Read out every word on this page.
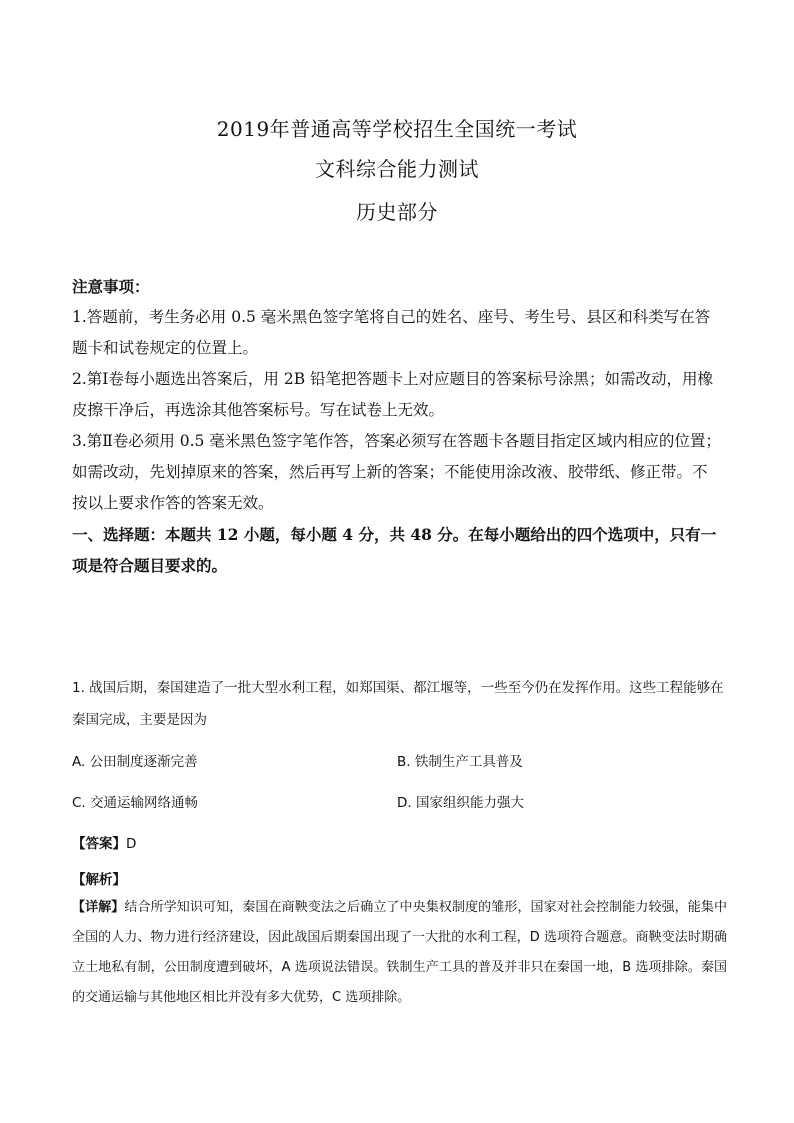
2019年普通高等学校招生全国统一考试
文科综合能力测试
历史部分

注意事项：

1.答题前，考生务必用 0.5 毫米黑色签字笔将自己的姓名、座号、考生号、县区和科类写在答题卡和试卷规定的位置上。

2.第Ⅰ卷每小题选出答案后，用 2B 铅笔把答题卡上对应题目的答案标号涂黑；如需改动，用橡皮擦干净后，再选涂其他答案标号。写在试卷上无效。

3.第Ⅱ卷必须用 0.5 毫米黑色签字笔作答，答案必须写在答题卡各题目指定区域内相应的位置；如需改动，先划掉原来的答案，然后再写上新的答案；不能使用涂改液、胶带纸、修正带。不按以上要求作答的答案无效。

一、选择题：本题共 12 小题，每小题 4 分，共 48 分。在每小题给出的四个选项中，只有一项是符合题目要求的。

1. 战国后期，秦国建造了一批大型水利工程，如郑国渠、都江堰等，一些至今仍在发挥作用。这些工程能够在秦国完成，主要是因为

A. 公田制度逐渐完善	B. 铁制生产工具普及
C. 交通运输网络通畅	D. 国家组织能力强大
【答案】D
【解析】

【详解】结合所学知识可知，秦国在商鞅变法之后确立了中央集权制度的雏形，国家对社会控制能力较强，能集中全国的人力、物力进行经济建设，因此战国后期秦国出现了一大批的水利工程，D 选项符合题意。商鞅变法时期确立土地私有制，公田制度遭到破坏，A 选项说法错误。铁制生产工具的普及并非只在秦国一地，B 选项排除。秦国的交通运输与其他地区相比并没有多大优势，C 选项排除。
